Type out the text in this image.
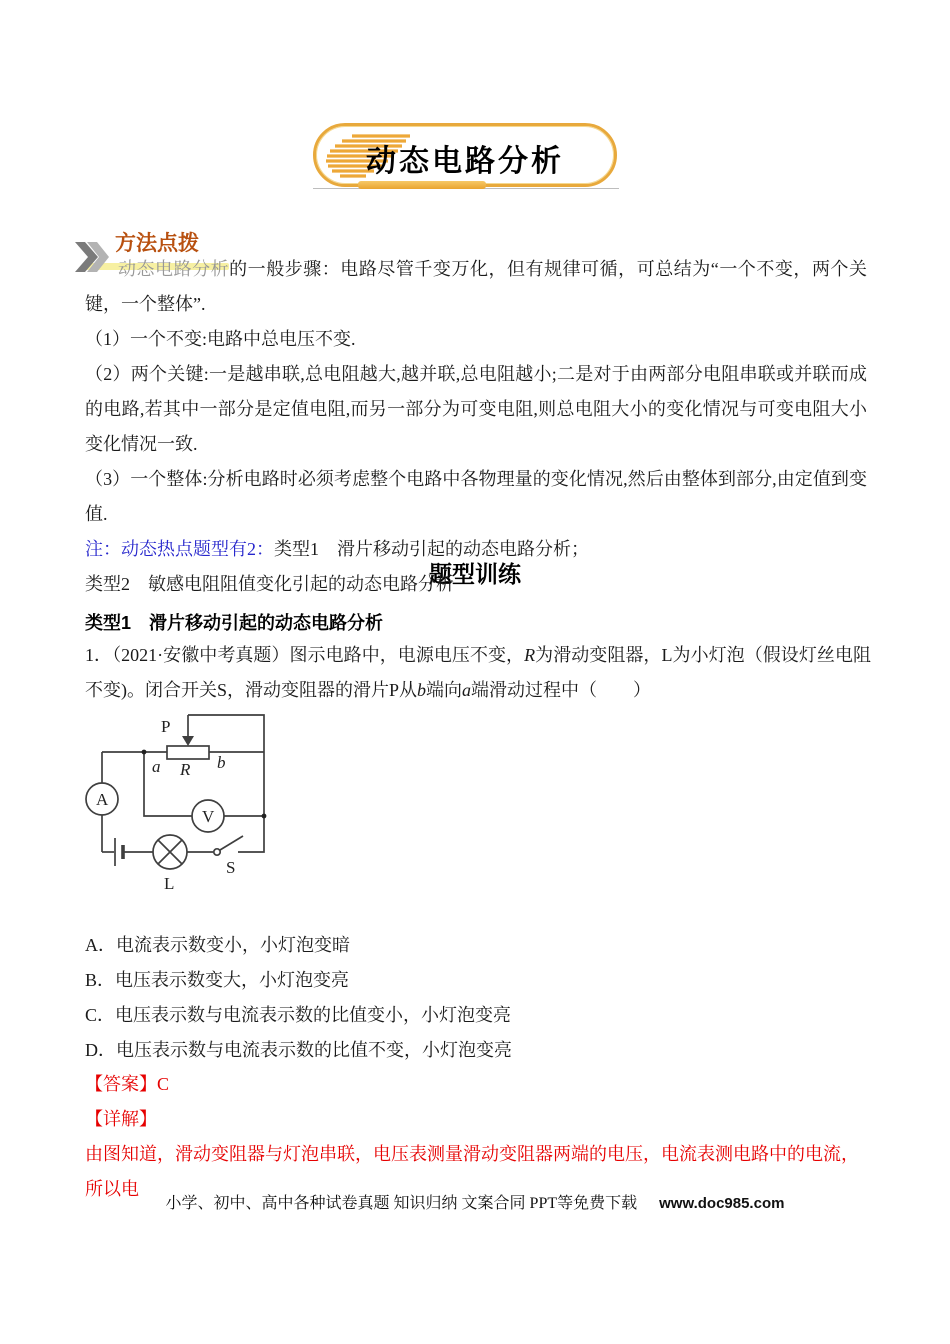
动态电路分析
方法点拨

动态电路分析的一般步骤：电路尽管千变万化，但有规律可循，可总结为“一个不变，两个关键，一个整体”.

（1）一个不变:电路中总电压不变.

（2）两个关键:一是越串联,总电阻越大,越并联,总电阻越小;二是对于由两部分电阻串联或并联而成的电路,若其中一部分是定值电阻,而另一部分为可变电阻,则总电阻大小的变化情况与可变电阻大小变化情况一致.

（3）一个整体:分析电路时必须考虑整个电路中各物理量的变化情况,然后由整体到部分,由定值到变值.

注：动态热点题型有2：类型1　滑片移动引起的动态电路分析；

类型2　敏感电阻阻值变化引起的动态电路分析

题型训练
类型1　滑片移动引起的动态电路分析
1．（2021·安徽中考真题）图示电路中，电源电压不变，R为滑动变阻器，L为小灯泡（假设灯丝电阻不变)。闭合开关S，滑动变阻器的滑片P从b端向a端滑动过程中（　　）
P
a	b
R
A
V
L
S
A．电流表示数变小，小灯泡变暗
B．电压表示数变大，小灯泡变亮
C．电压表示数与电流表示数的比值变小，小灯泡变亮
D．电压表示数与电流表示数的比值不变，小灯泡变亮
【答案】C
【详解】
由图知道，滑动变阻器与灯泡串联，电压表测量滑动变阻器两端的电压，电流表测电路中的电流，所以电
小学、初中、高中各种试卷真题 知识归纳 文案合同 PPT等免费下载 www.doc985.com
